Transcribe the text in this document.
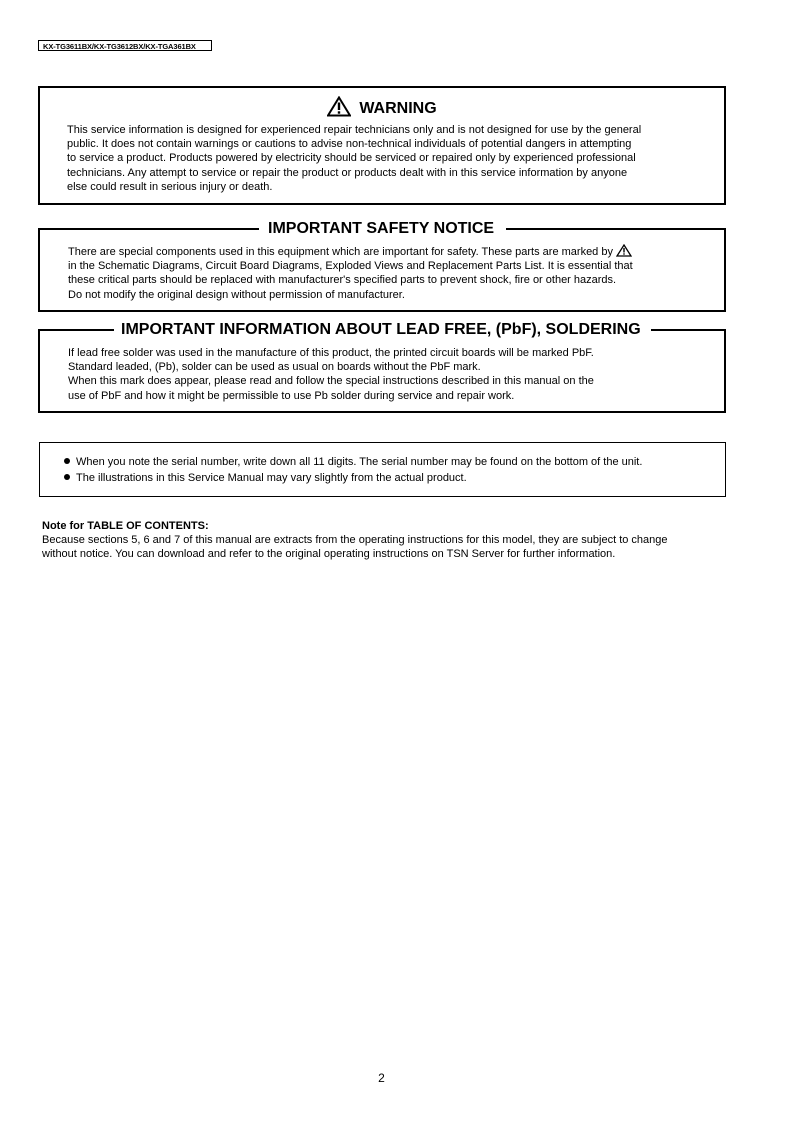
KX-TG3611BX/KX-TG3612BX/KX-TGA361BX
WARNING
This service information is designed for experienced repair technicians only and is not designed for use by the general
public. It does not contain warnings or cautions to advise non-technical individuals of potential dangers in attempting
to service a product. Products powered by electricity should be serviced or repaired only by experienced professional
technicians. Any attempt to service or repair the product or products dealt with in this service information by anyone
else could result in serious injury or death.
IMPORTANT SAFETY NOTICE
There are special components used in this equipment which are important for safety. These parts are marked by
in the Schematic Diagrams, Circuit Board Diagrams, Exploded Views and Replacement Parts List. It is essential that
these critical parts should be replaced with manufacturer's specified parts to prevent shock, fire or other hazards.
Do not modify the original design without permission of manufacturer.
IMPORTANT INFORMATION ABOUT LEAD FREE, (PbF), SOLDERING
If lead free solder was used in the manufacture of this product, the printed circuit boards will be marked PbF.
Standard leaded, (Pb), solder can be used as usual on boards without the PbF mark.
When this mark does appear, please read and follow the special instructions described in this manual on the
use of PbF and how it might be permissible to use Pb solder during service and repair work.
When you note the serial number, write down all 11 digits. The serial number may be found on the bottom of the unit.
The illustrations in this Service Manual may vary slightly from the actual product.
Note for TABLE OF CONTENTS:
Because sections 5, 6 and 7 of this manual are extracts from the operating instructions for this model, they are subject to change
without notice. You can download and refer to the original operating instructions on TSN Server for further information.
2
